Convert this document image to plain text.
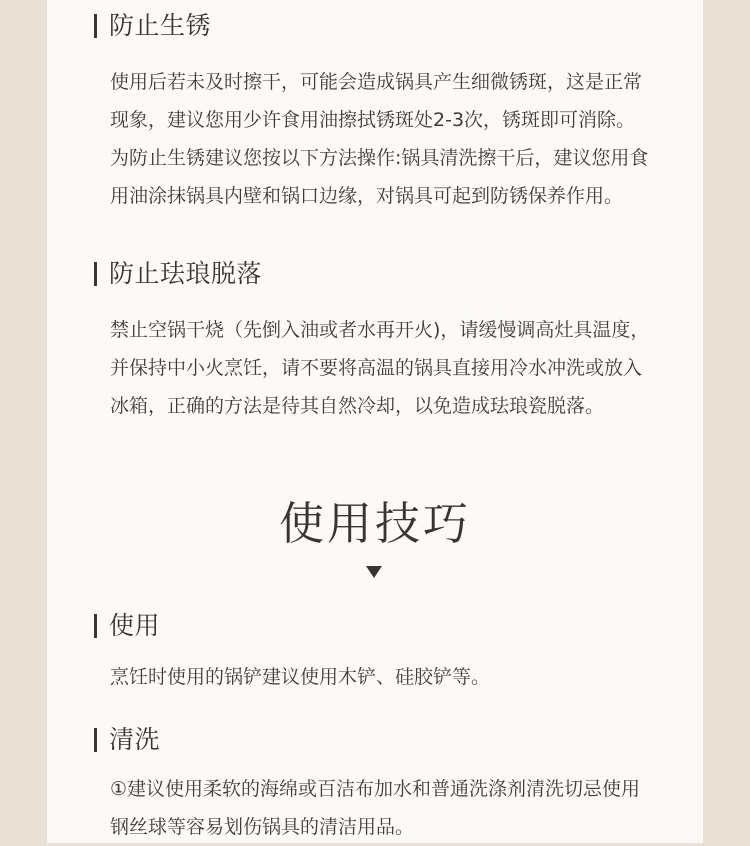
防止生锈

使用后若未及时擦干，可能会造成锅具产生细微锈斑，这是正常现象，建议您用少许食用油擦拭锈斑处2-3次，锈斑即可消除。为防止生锈建议您按以下方法操作:锅具清洗擦干后，建议您用食用油涂抹锅具内壁和锅口边缘，对锅具可起到防锈保养作用。

防止珐琅脱落

禁止空锅干烧（先倒入油或者水再开火)，请缓慢调高灶具温度，并保持中小火烹饪，请不要将高温的锅具直接用冷水冲洗或放入冰箱，正确的方法是待其自然冷却，以免造成珐琅瓷脱落。

使用技巧
使用

烹饪时使用的锅铲建议使用木铲、硅胶铲等。

清洗

①建议使用柔软的海绵或百洁布加水和普通洗涤剂清洗切忌使用钢丝球等容易划伤锅具的清洁用品。
